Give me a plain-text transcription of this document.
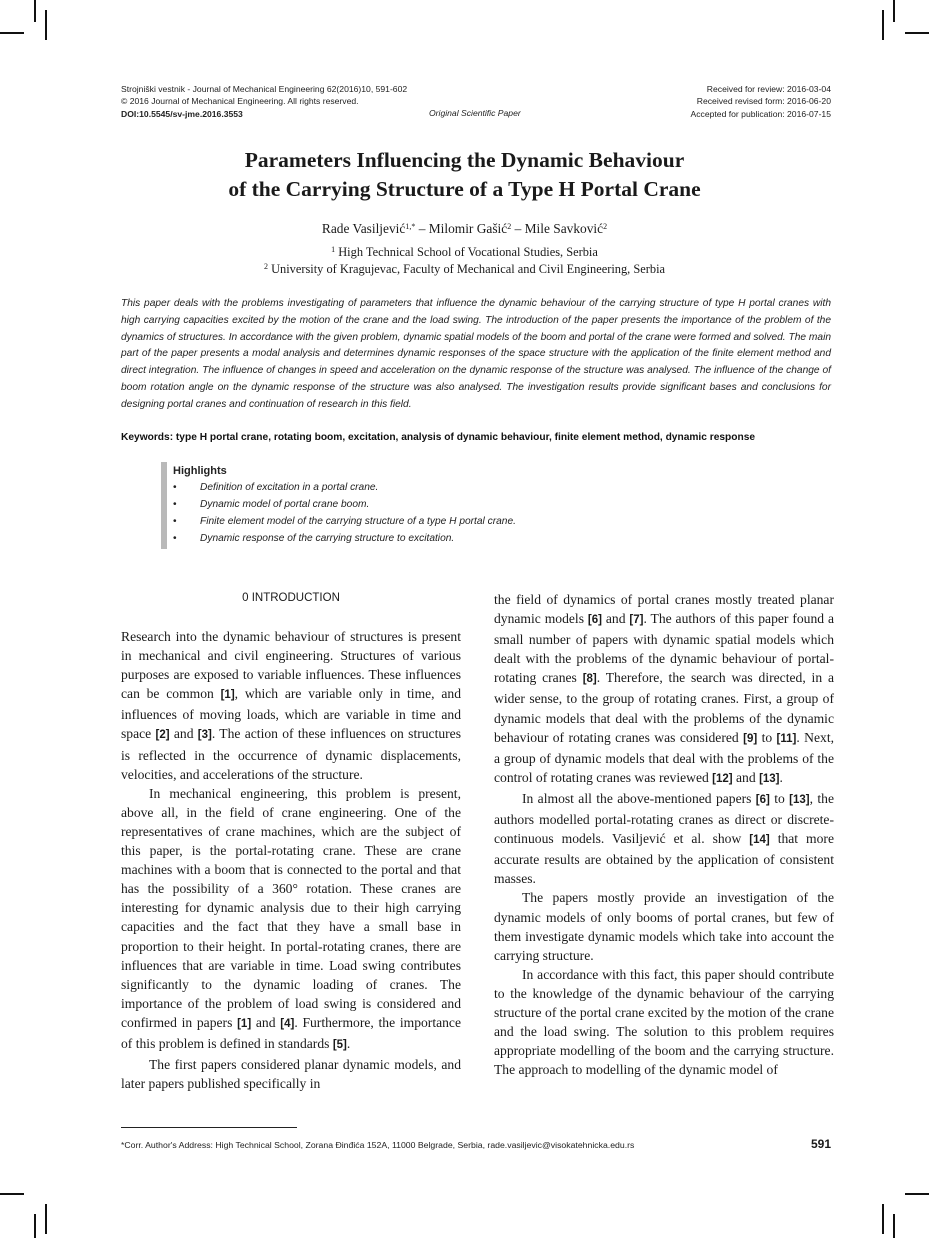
Strojniški vestnik - Journal of Mechanical Engineering 62(2016)10, 591-602
© 2016 Journal of Mechanical Engineering. All rights reserved.
DOI:10.5545/sv-jme.2016.3553	Original Scientific Paper
Received for review: 2016-03-04
Received revised form: 2016-06-20
Accepted for publication: 2016-07-15
Parameters Influencing the Dynamic Behaviour
of the Carrying Structure of a Type H Portal Crane
Rade Vasiljević$^{1,*}$ – Milomir Gašić$^2$ – Mile Savković$^2$
$^1$ High Technical School of Vocational Studies, Serbia
$^2$ University of Kragujevac, Faculty of Mechanical and Civil Engineering, Serbia
This paper deals with the problems investigating of parameters that influence the dynamic behaviour of the carrying structure of type H portal cranes with high carrying capacities excited by the motion of the crane and the load swing. The introduction of the paper presents the importance of the problem of the dynamics of structures. In accordance with the given problem, dynamic spatial models of the boom and portal of the crane were formed and solved. The main part of the paper presents a modal analysis and determines dynamic responses of the space structure with the application of the finite element method and direct integration. The influence of changes in speed and acceleration on the dynamic response of the structure was analysed. The influence of the change of boom rotation angle on the dynamic response of the structure was also analysed. The investigation results provide significant bases and conclusions for designing portal cranes and continuation of research in this field.
Keywords: type H portal crane, rotating boom, excitation, analysis of dynamic behaviour, finite element method, dynamic response
Highlights
• Definition of excitation in a portal crane.
• Dynamic model of portal crane boom.
• Finite element model of the carrying structure of a type H portal crane.
• Dynamic response of the carrying structure to excitation.
0 INTRODUCTION

Research into the dynamic behaviour of structures is present in mechanical and civil engineering. Structures of various purposes are exposed to variable influences. These influences can be common [1], which are variable only in time, and influences of moving loads, which are variable in time and space [2] and [3]. The action of these influences on structures is reflected in the occurrence of dynamic displacements, velocities, and accelerations of the structure.

In mechanical engineering, this problem is present, above all, in the field of crane engineering. One of the representatives of crane machines, which are the subject of this paper, is the portal-rotating crane. These are crane machines with a boom that is connected to the portal and that has the possibility of a 360° rotation. These cranes are interesting for dynamic analysis due to their high carrying capacities and the fact that they have a small base in proportion to their height. In portal-rotating cranes, there are influences that are variable in time. Load swing contributes significantly to the dynamic loading of cranes. The importance of the problem of load swing is considered and confirmed in papers [1] and [4]. Furthermore, the importance of this problem is defined in standards [5].

The first papers considered planar dynamic models, and later papers published specifically in

the field of dynamics of portal cranes mostly treated planar dynamic models [6] and [7]. The authors of this paper found a small number of papers with dynamic spatial models which dealt with the problems of the dynamic behaviour of portal-rotating cranes [8]. Therefore, the search was directed, in a wider sense, to the group of rotating cranes. First, a group of dynamic models that deal with the problems of the dynamic behaviour of rotating cranes was considered [9] to [11]. Next, a group of dynamic models that deal with the problems of the control of rotating cranes was reviewed [12] and [13].

In almost all the above-mentioned papers [6] to [13], the authors modelled portal-rotating cranes as direct or discrete-continuous models. Vasiljević et al. show [14] that more accurate results are obtained by the application of consistent masses.

The papers mostly provide an investigation of the dynamic models of only booms of portal cranes, but few of them investigate dynamic models which take into account the carrying structure.

In accordance with this fact, this paper should contribute to the knowledge of the dynamic behaviour of the carrying structure of the portal crane excited by the motion of the crane and the load swing. The solution to this problem requires appropriate modelling of the boom and the carrying structure. The approach to modelling of the dynamic model of

*Corr. Author's Address: High Technical School, Zorana Đinđića 152A, 11000 Belgrade, Serbia, rade.vasiljevic@visokatehnicka.edu.rs	591
